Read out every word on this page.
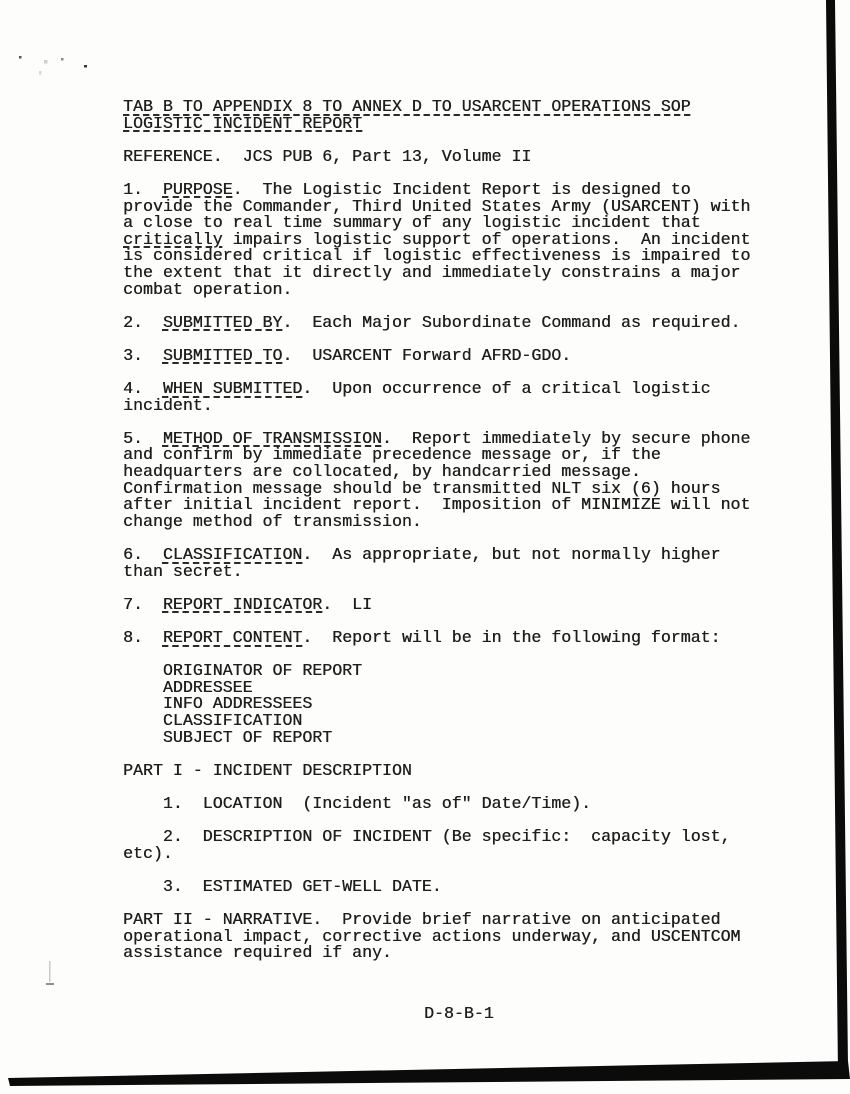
TAB B TO APPENDIX 8 TO ANNEX D TO USARCENT OPERATIONS SOP
LOGISTIC INCIDENT REPORT
REFERENCE.  JCS PUB 6, Part 13, Volume II
1.  PURPOSE.  The Logistic Incident Report is designed to
provide the Commander, Third United States Army (USARCENT) with
a close to real time summary of any logistic incident that
critically impairs logistic support of operations.  An incident
is considered critical if logistic effectiveness is impaired to
the extent that it directly and immediately constrains a major
combat operation.
2.  SUBMITTED BY.  Each Major Subordinate Command as required.
3.  SUBMITTED TO.  USARCENT Forward AFRD-GDO.
4.  WHEN SUBMITTED.  Upon occurrence of a critical logistic
incident.
5.  METHOD OF TRANSMISSION.  Report immediately by secure phone
and confirm by immediate precedence message or, if the
headquarters are collocated, by handcarried message.
Confirmation message should be transmitted NLT six (6) hours
after initial incident report.  Imposition of MINIMIZE will not
change method of transmission.
6.  CLASSIFICATION.  As appropriate, but not normally higher
than secret.
7.  REPORT INDICATOR.  LI
8.  REPORT CONTENT.  Report will be in the following format:
ORIGINATOR OF REPORT
ADDRESSEE
INFO ADDRESSEES
CLASSIFICATION
SUBJECT OF REPORT
PART I - INCIDENT DESCRIPTION
1.  LOCATION  (Incident "as of" Date/Time).
2.  DESCRIPTION OF INCIDENT (Be specific:  capacity lost,
etc).
3.  ESTIMATED GET-WELL DATE.
PART II - NARRATIVE.  Provide brief narrative on anticipated
operational impact, corrective actions underway, and USCENTCOM
assistance required if any.
D-8-B-1
